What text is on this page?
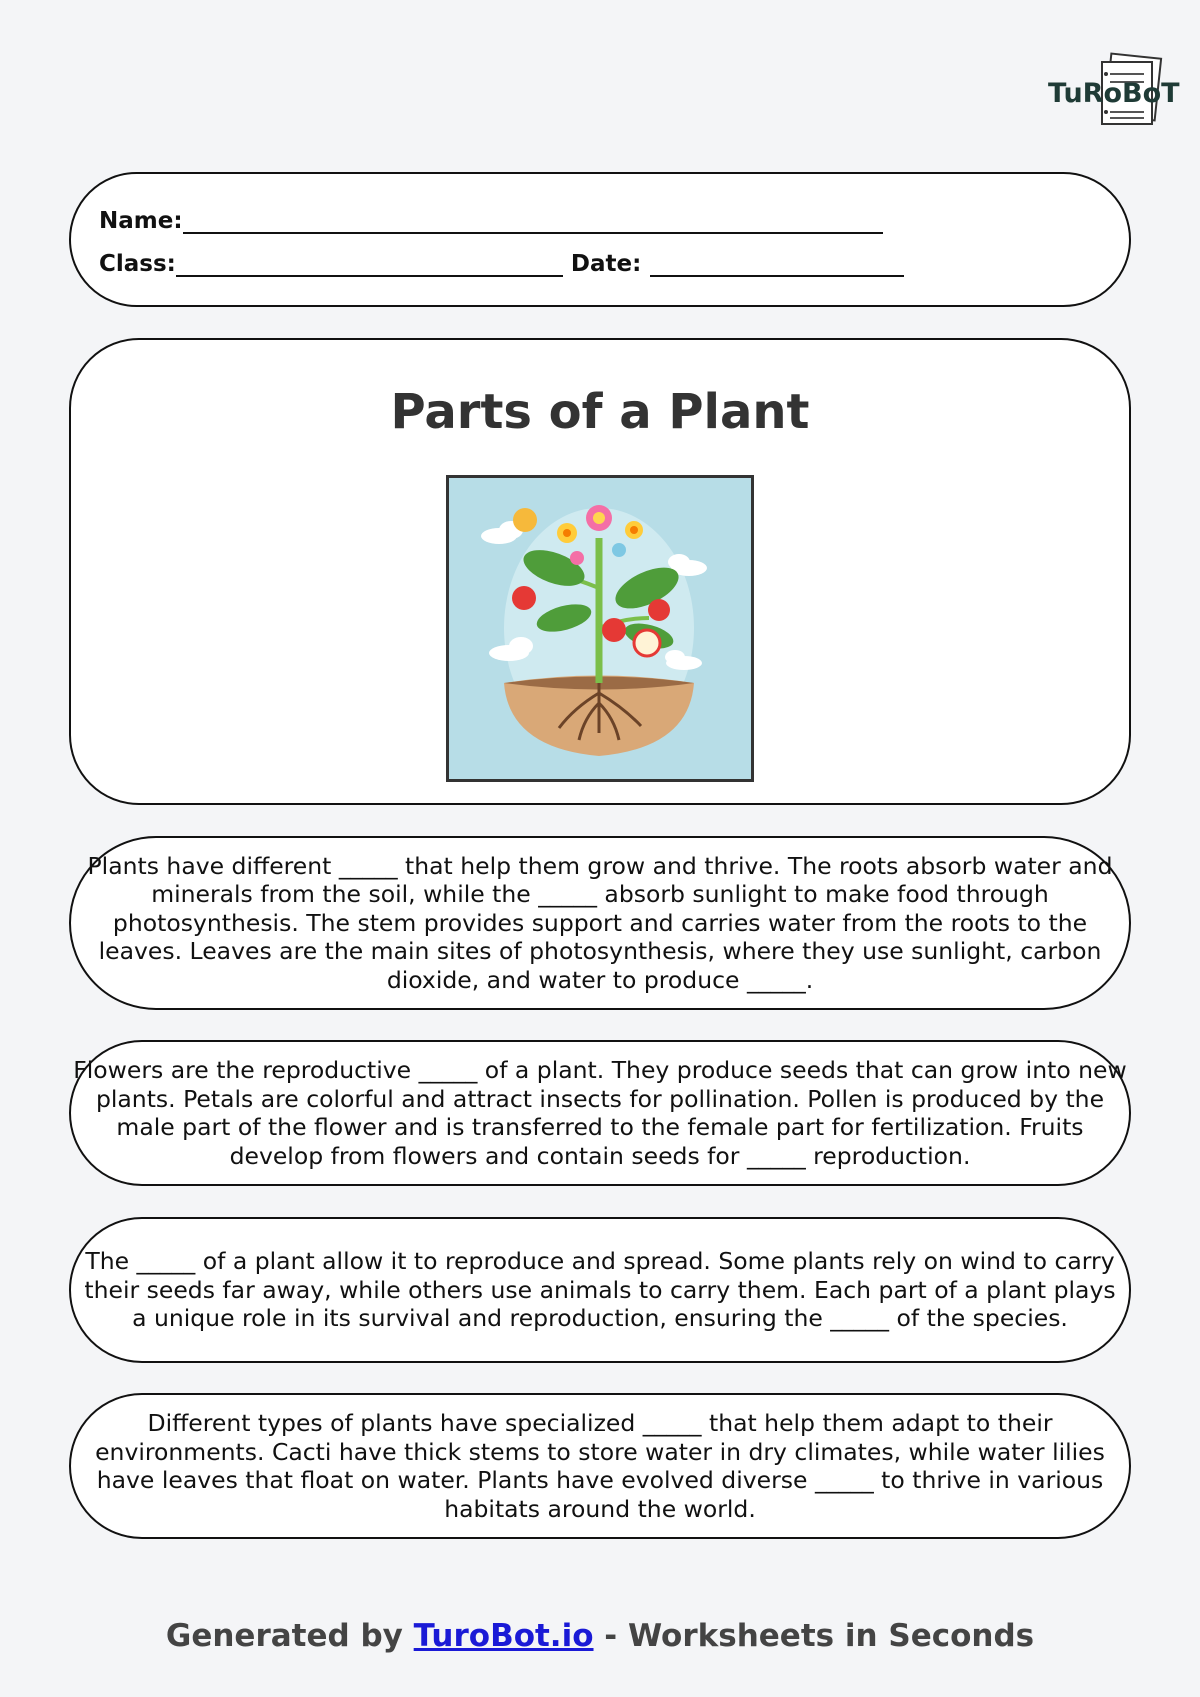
TuRoBoT
Name:
Class:	Date:
Parts of a Plant
Plants have different _____ that help them grow and thrive. The roots absorb water and minerals from the soil, while the _____ absorb sunlight to make food through photosynthesis. The stem provides support and carries water from the roots to the leaves. Leaves are the main sites of photosynthesis, where they use sunlight, carbon dioxide, and water to produce _____.
Flowers are the reproductive _____ of a plant. They produce seeds that can grow into new plants. Petals are colorful and attract insects for pollination. Pollen is produced by the male part of the flower and is transferred to the female part for fertilization. Fruits develop from flowers and contain seeds for _____ reproduction.
The _____ of a plant allow it to reproduce and spread. Some plants rely on wind to carry their seeds far away, while others use animals to carry them. Each part of a plant plays a unique role in its survival and reproduction, ensuring the _____ of the species.
Different types of plants have specialized _____ that help them adapt to their environments. Cacti have thick stems to store water in dry climates, while water lilies have leaves that float on water. Plants have evolved diverse _____ to thrive in various habitats around the world.
Generated by TuroBot.io - Worksheets in Seconds
